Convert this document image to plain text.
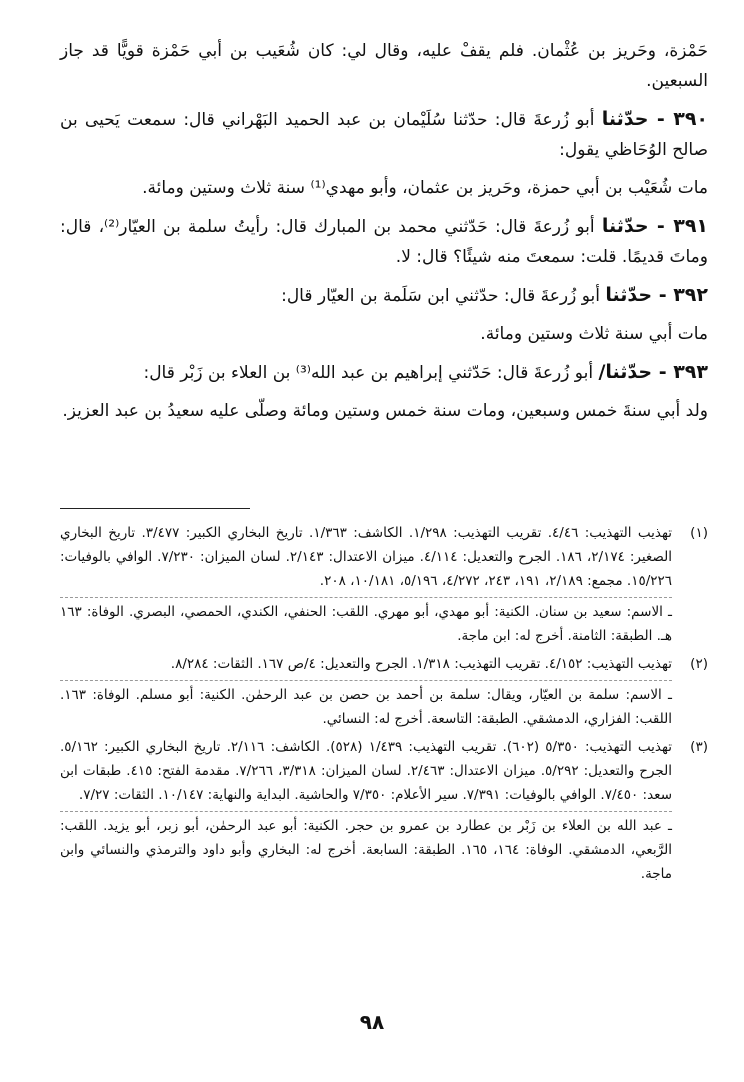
حَمْزة، وحَريز بن عُثْمان. فلم يقفْ عليه، وقال لي: كان شُعَيب بن أبي حَمْزة قويًّا قد جاز السبعين.

٣٩٠ - حدّثنا أبو زُرعةَ قال: حدّثنا سُلَيْمان بن عبد الحميد البَهْراني قال: سمعت يَحيى بن صالح الوُحَاظي يقول:

مات شُعَيْب بن أبي حمزة، وحَريز بن عثمان، وأبو مهدي⁽¹⁾ سنة ثلاث وستين ومائة.

٣٩١ - حدّثنا أبو زُرعةَ قال: حَدّثني محمد بن المبارك قال: رأيتُ سلمة بن العيّار⁽²⁾، قال: وماتَ قديمًا. قلت: سمعتَ منه شيئًا؟ قال: لا.

٣٩٢ - حدّثنا أبو زُرعةَ قال: حدّثني ابن سَلَمة بن العيّار قال:

مات أبي سنة ثلاث وستين ومائة.

٣٩٣ - حدّثنا/ أبو زُرعةَ قال: حَدّثني إبراهيم بن عبد الله⁽³⁾ بن العلاء بن زَبْر قال:

ولد أبي سنةَ خمس وسبعين، ومات سنة خمس وستين ومائة وصلّى عليه سعيدُ بن عبد العزيز.

(١)

تهذيب التهذيب: ٤/٤٦. تقريب التهذيب: ١/٢٩٨. الكاشف: ١/٣٦٣. تاريخ البخاري الكبير: ٣/٤٧٧. تاريخ البخاري الصغير: ٢/١٧٤، ١٨٦. الجرح والتعديل: ٤/١١٤. ميزان الاعتدال: ٢/١٤٣. لسان الميزان: ٧/٢٣٠. الوافي بالوفيات: ١٥/٢٢٦. مجمع: ٢/١٨٩، ١٩١، ٢٤٣، ٤/٢٧٢، ٥/١٩٦، ١٠/١٨١، ٢٠٨.

ـ الاسم: سعيد بن سنان. الكنية: أبو مهدي، أبو مهري. اللقب: الحنفي، الكندي، الحمصي، البصري. الوفاة: ١٦٣ هـ. الطبقة: الثامنة. أخرج له: ابن ماجة.

(٢)

تهذيب التهذيب: ٤/١٥٢. تقريب التهذيب: ١/٣١٨. الجرح والتعديل: ٤/ص ١٦٧. الثقات: ٨/٢٨٤.

ـ الاسم: سلمة بن العيّار، ويقال: سلمة بن أحمد بن حصن بن عبد الرحمٰن. الكنية: أبو مسلم. الوفاة: ١٦٣. اللقب: الفزاري، الدمشقي. الطبقة: التاسعة. أخرج له: النسائي.

(٣)

تهذيب التهذيب: ٥/٣٥٠ (٦٠٢). تقريب التهذيب: ١/٤٣٩ (٥٢٨). الكاشف: ٢/١١٦. تاريخ البخاري الكبير: ٥/١٦٢. الجرح والتعديل: ٥/٢٩٢. ميزان الاعتدال: ٢/٤٦٣. لسان الميزان: ٣/٣١٨، ٧/٢٦٦. مقدمة الفتح: ٤١٥. طبقات ابن سعد: ٧/٤٥٠. الوافي بالوفيات: ٧/٣٩١. سير الأعلام: ٧/٣٥٠ والحاشية. البداية والنهاية: ١٠/١٤٧. الثقات: ٧/٢٧.

ـ عبد الله بن العلاء بن زَبْر بن عطارد بن عمرو بن حجر. الكنية: أبو عبد الرحمٰن، أبو زبر، أبو يزيد. اللقب: الرَّبعي، الدمشقي. الوفاة: ١٦٤، ١٦٥. الطبقة: السابعة. أخرج له: البخاري وأبو داود والترمذي والنسائي وابن ماجة.

٩٨
